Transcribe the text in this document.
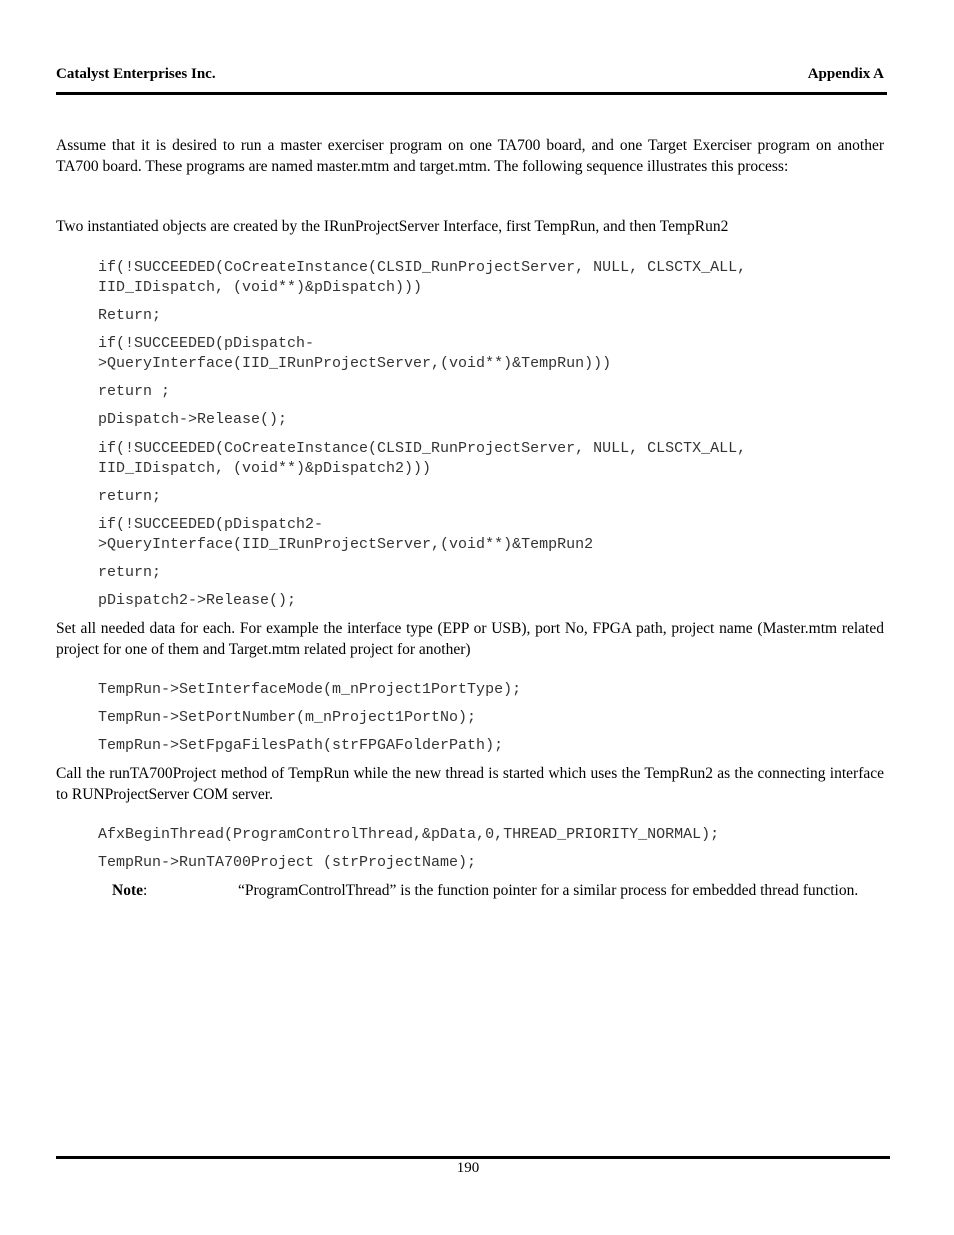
Catalyst Enterprises Inc.	Appendix A
Assume that it is desired to run a master exerciser program on one TA700 board, and one Target Exerciser program on another TA700 board. These programs are named master.mtm and target.mtm. The following sequence illustrates this process:
Two instantiated objects are created by the IRunProjectServer Interface, first TempRun, and then TempRun2
if(!SUCCEEDED(CoCreateInstance(CLSID_RunProjectServer, NULL, CLSCTX_ALL,
IID_IDispatch, (void**)&pDispatch)))
Return;
if(!SUCCEEDED(pDispatch-
>QueryInterface(IID_IRunProjectServer,(void**)&TempRun)))
return ;
pDispatch->Release();
if(!SUCCEEDED(CoCreateInstance(CLSID_RunProjectServer, NULL, CLSCTX_ALL,
IID_IDispatch, (void**)&pDispatch2)))
return;
if(!SUCCEEDED(pDispatch2-
>QueryInterface(IID_IRunProjectServer,(void**)&TempRun2
return;
pDispatch2->Release();
Set all needed data for each. For example the interface type (EPP or USB), port No, FPGA path, project name (Master.mtm related project for one of them and Target.mtm related project for another)
TempRun->SetInterfaceMode(m_nProject1PortType);
TempRun->SetPortNumber(m_nProject1PortNo);
TempRun->SetFpgaFilesPath(strFPGAFolderPath);
Call the runTA700Project method of TempRun while the new thread is started which uses the TempRun2 as the connecting interface to RUNProjectServer COM server.
AfxBeginThread(ProgramControlThread,&pData,0,THREAD_PRIORITY_NORMAL);
TempRun->RunTA700Project (strProjectName);
Note:	“ProgramControlThread” is the function pointer for a similar process for embedded thread function.
190
